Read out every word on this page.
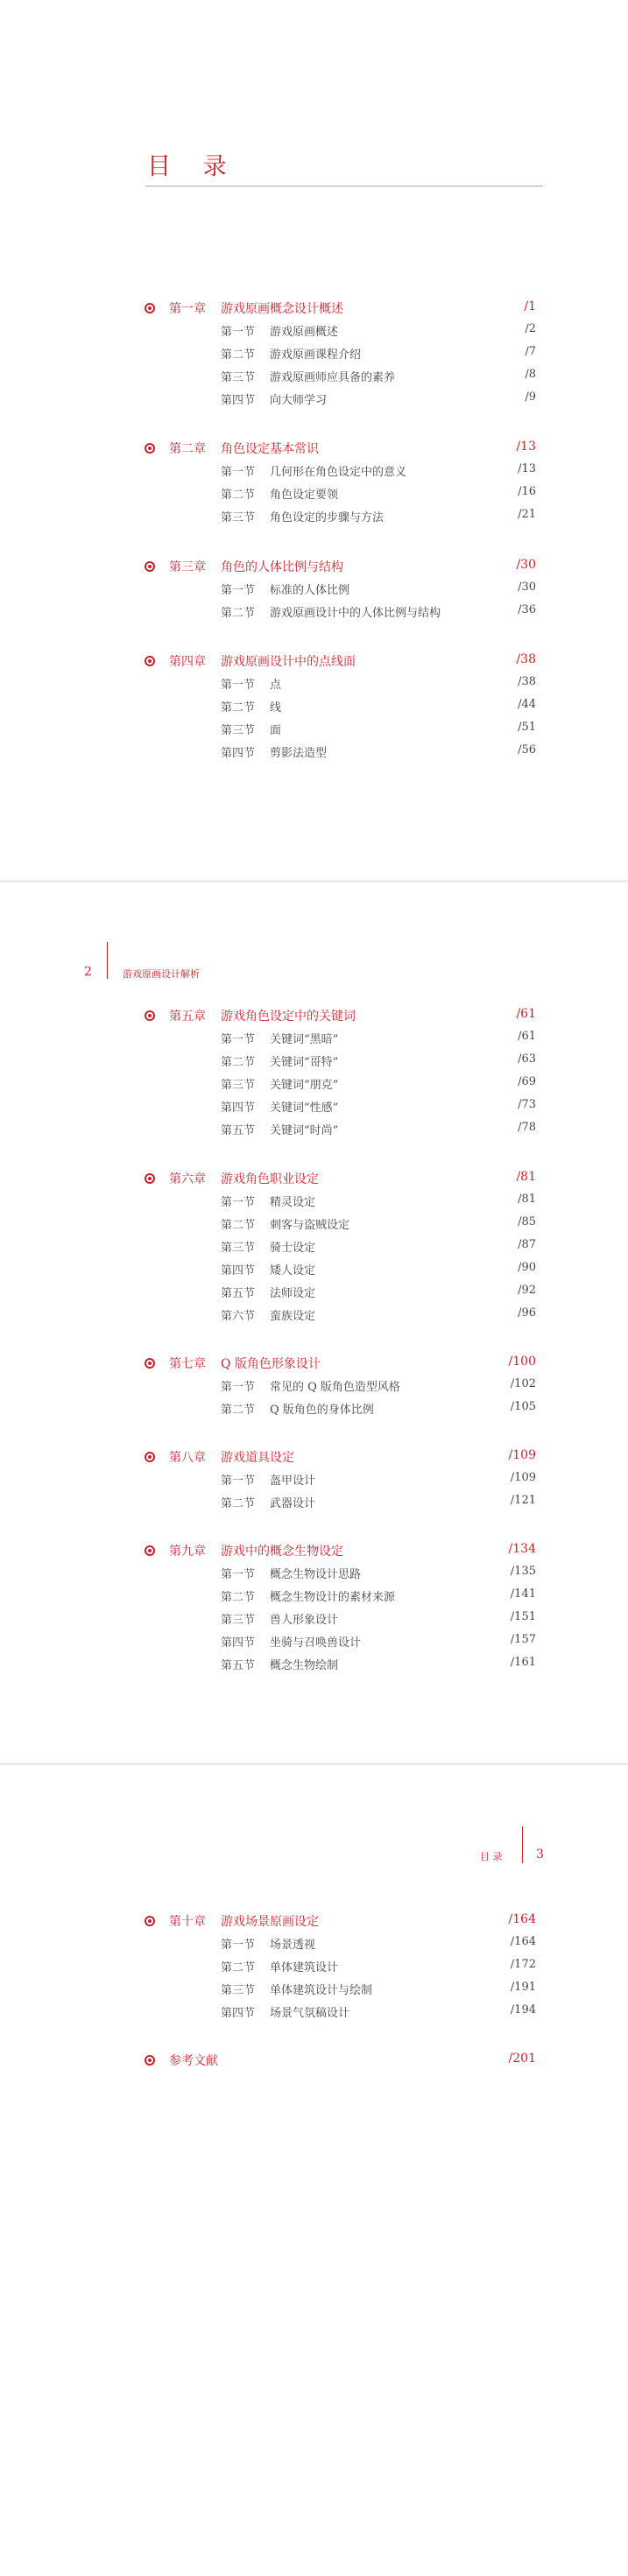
目 录
2	游戏原画设计解析
目 录	3
第一章 游戏原画概念设计概述	/1
第一节 游戏原画概述	/2
第二节 游戏原画课程介绍	/7
第三节 游戏原画师应具备的素养	/8
第四节 向大师学习	/9
第二章 角色设定基本常识	/13
第一节 几何形在角色设定中的意义	/13
第二节 角色设定要领	/16
第三节 角色设定的步骤与方法	/21
第三章 角色的人体比例与结构	/30
第一节 标准的人体比例	/30
第二节 游戏原画设计中的人体比例与结构	/36
第四章 游戏原画设计中的点线面	/38
第一节 点	/38
第二节 线	/44
第三节 面	/51
第四节 剪影法造型	/56
第五章 游戏角色设定中的关键词	/61
第一节 关键词“黑暗”	/61
第二节 关键词“哥特”	/63
第三节 关键词“朋克”	/69
第四节 关键词“性感”	/73
第五节 关键词“时尚”	/78
第六章 游戏角色职业设定	/81
第一节 精灵设定	/81
第二节 刺客与盗贼设定	/85
第三节 骑士设定	/87
第四节 矮人设定	/90
第五节 法师设定	/92
第六节 蛮族设定	/96
第七章 Q 版角色形象设计	/100
第一节 常见的 Q 版角色造型风格	/102
第二节 Q 版角色的身体比例	/105
第八章 游戏道具设定	/109
第一节 盔甲设计	/109
第二节 武器设计	/121
第九章 游戏中的概念生物设定	/134
第一节 概念生物设计思路	/135
第二节 概念生物设计的素材来源	/141
第三节 兽人形象设计	/151
第四节 坐骑与召唤兽设计	/157
第五节 概念生物绘制	/161
第十章 游戏场景原画设定	/164
第一节 场景透视	/164
第二节 单体建筑设计	/172
第三节 单体建筑设计与绘制	/191
第四节 场景气氛稿设计	/194
参考文献	/201
